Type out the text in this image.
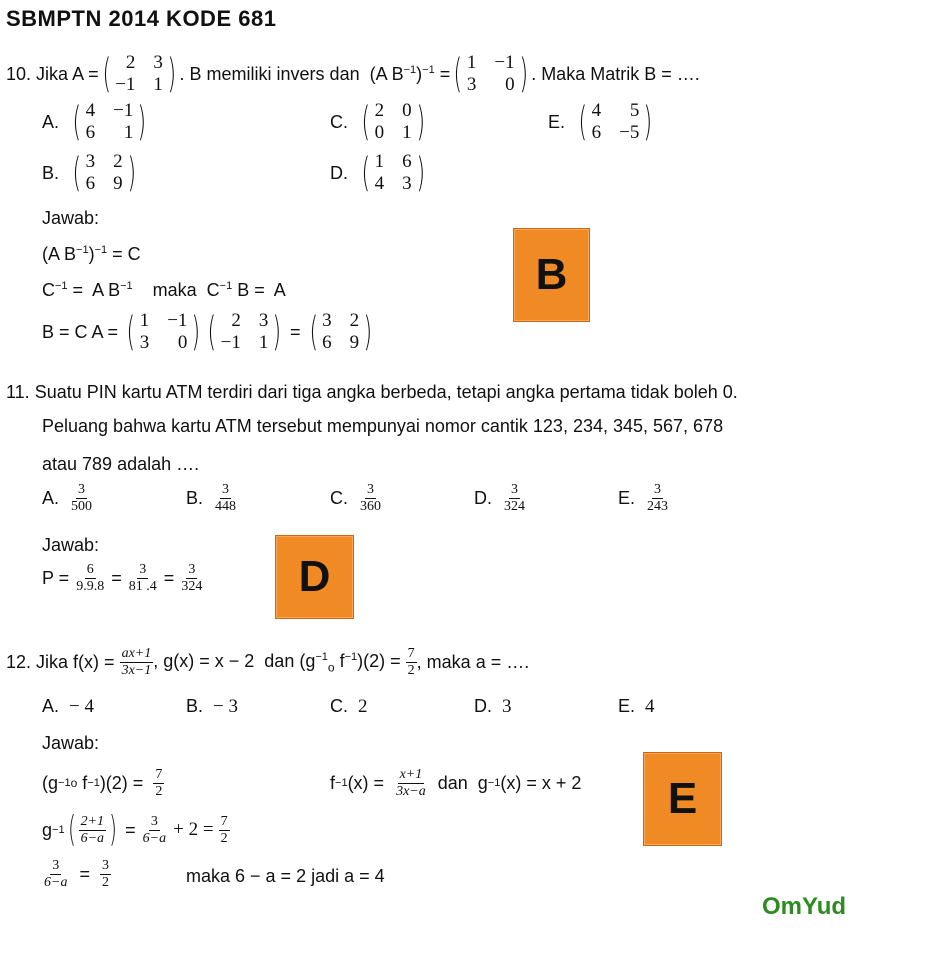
SBMPTN 2014 KODE 681
10.
Jika A = ( 2 3
−1 1 ) . B memiliki invers dan
(A $B^{-1})^{-1}$
= ( 1 −1
3	0 ) . Maka Matrik B = ….
A.
( 4 −1
6	1 )
B.
( 3 2
6 9 )
C.
( 2 0
0 1 )
D.
( 1 6
4 3 )
E.
( 4	5
6 −5 )
Jawab:
(A $B^{-1})^{-1} = C$
$C^{-1} = A$ $B^{-1}$    maka  $C^{-1}$ B =  A
B = C A =
( 1 −1
3	0 ) ( 2 3
−1 1 )
=
( 3 2
6 9 )
B
11. Suatu PIN kartu ATM terdiri dari tiga angka berbeda, tetapi angka pertama tidak boleh 0.
Peluang bahwa kartu ATM tersebut mempunyai nomor cantik 123, 234, 345, 567, 678
atau 789 adalah ….
A.
$\frac{3}{500}$	B.
$\frac{3}{448}$	C.
$\frac{3}{360}$	D.
$\frac{3}{324}$	E.
$\frac{3}{243}$
Jawab:
P =
$\frac{6}{9.9.8}$
=
$\frac{3}{81 .4}$
=
$\frac{3}{324}$	D
12.
Jika f(x) =
$\frac{ax+1}{3x-1}$ , g(x) = x − 2  dan ($g^{-1}_o$ $f^{-1})(2)$ =
$\frac{7}{2}$ , maka a = ….
A. − 4	B. − 3	C. 2	D. 3	E. 4
Jawab:
(g −1 o f −1 )(2) =

$\frac{7}{2}$	f −1 (x) =

$\frac{x+1}{3x-a}$ dan  g −1 (x) = x + 2
g −1 ( $\frac{2+1}{6-a}$ )
=
$\frac{3}{6-a}$
+ 2 =
$\frac{7}{2}$
$\frac{3}{6-a}$
=
$\frac{3}{2}$	maka 6 − a = 2 jadi a = 4
E
OmYud
